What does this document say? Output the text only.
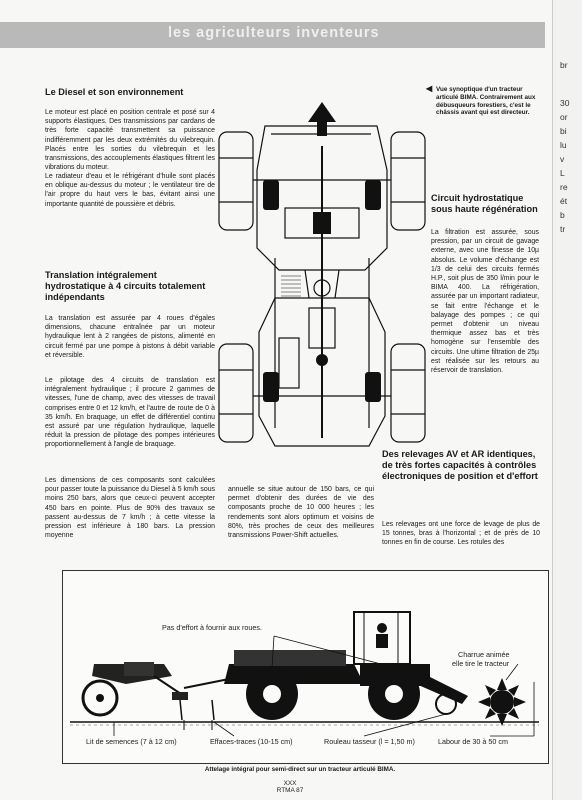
les agriculteurs inventeurs
br
30
or
bi
lu
v
L
re
ét
b
tr
Le Diesel et son environnement
Le moteur est placé en position centrale et posé sur 4 supports élastiques. Des transmissions par cardans de très forte capacité transmettent sa puissance indifféremment par les deux extrémités du vilebrequin. Placés entre les sorties du vilebrequin et les transmissions, des accouplements élastiques filtrent les vibrations du moteur.
Le radiateur d'eau et le réfrigérant d'huile sont placés en oblique au-dessus du moteur ; le ventilateur tire de l'air propre du haut vers le bas, évitant ainsi une importante quantité de poussière et débris.
Translation intégralement hydrostatique à 4 circuits totalement indépendants
La translation est assurée par 4 roues d'égales dimensions, chacune entraînée par un moteur hydraulique lent à 2 rangées de pistons, alimenté en circuit fermé par une pompe à pistons à débit variable et réversible.
Le pilotage des 4 circuits de translation est intégralement hydraulique ; il procure 2 gammes de vitesses, l'une de champ, avec des vitesses de travail comprises entre 0 et 12 km/h, et l'autre de route de 0 à 35 km/h. En braquage, un effet de différentiel continu est assuré par une régulation hydraulique, laquelle réduit la pression de pilotage des pompes intérieures proportionnellement à l'angle de braquage.
Les dimensions de ces composants sont calculées pour passer toute la puissance du Diesel à 5 km/h sous moins 250 bars, alors que ceux-ci peuvent accepter 450 bars en pointe. Plus de 90% des travaux se passent au-dessus de 7 km/h ; à cette vitesse la pression est inférieure à 180 bars. La pression moyenne
annuelle se situe autour de 150 bars, ce qui permet d'obtenir des durées de vie des composants proche de 10 000 heures ; les rendements sont alors optimum et voisins de 80%, très proches de ceux des meilleures transmissions Power-Shift actuelles.
◀ Vue synoptique d'un tracteur articulé BIMA. Contrairement aux débusqueurs forestiers, c'est le châssis avant qui est directeur.
Circuit hydrostatique sous haute régénération
La filtration est assurée, sous pression, par un circuit de gavage externe, avec une finesse de 10µ absolus. Le volume d'échange est 1/3 de celui des circuits fermés H.P., soit plus de 350 l/min pour le BIMA 400. La réfrigération, assurée par un important radiateur, se fait entre l'échange et le balayage des pompes ; ce qui permet d'obtenir un niveau thermique assez bas et très homogène sur l'ensemble des circuits. Une ultime filtration de 25µ est réalisée sur les retours au réservoir de translation.
Des relevages AV et AR identiques, de très fortes capacités à contrôles électroniques de position et d'effort
Les relevages ont une force de levage de plus de 15 tonnes, bras à l'horizontal ; et de près de 10 tonnes en fin de course. Les rotules des
Pas d'effort à fournir aux roues.
Charrue animée
elle tire le tracteur
Lit de semences (7 à 12 cm)	Effaces-traces (10-15 cm)	Rouleau tasseur (l = 1,50 m)	Labour de 30 à 50 cm
Attelage intégral pour semi-direct sur un tracteur articulé BIMA.
XXX
RTMA 87
